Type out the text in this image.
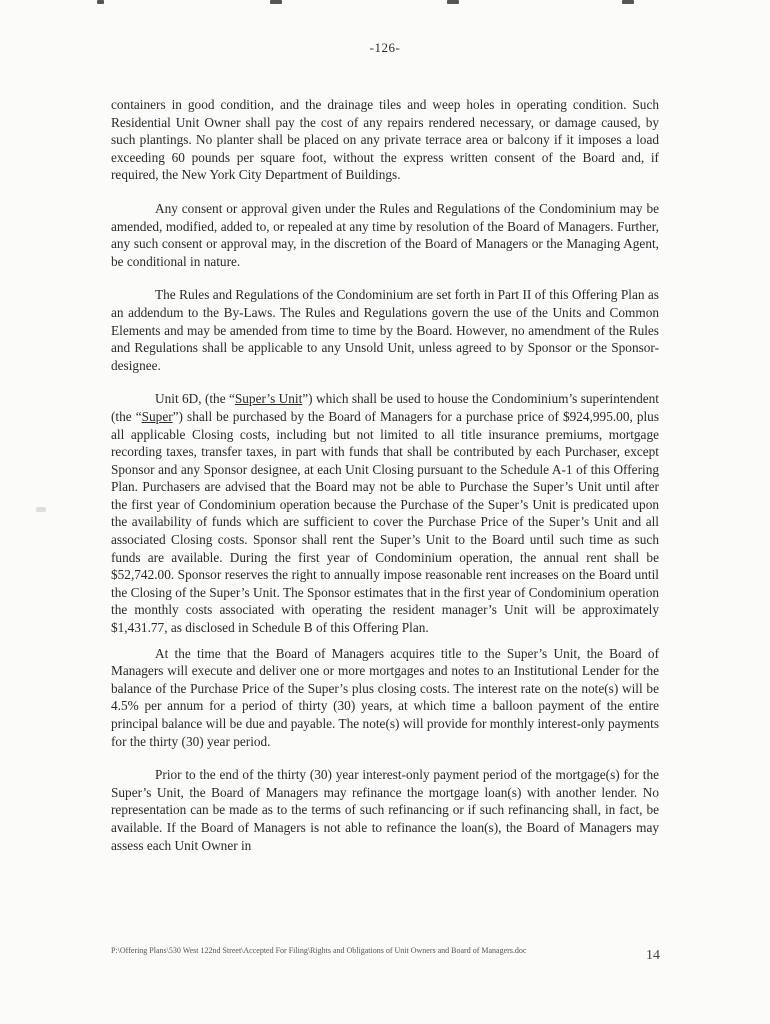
-126-

containers in good condition, and the drainage tiles and weep holes in operating condition. Such Residential Unit Owner shall pay the cost of any repairs rendered necessary, or damage caused, by such plantings. No planter shall be placed on any private terrace area or balcony if it imposes a load exceeding 60 pounds per square foot, without the express written consent of the Board and, if required, the New York City Department of Buildings.

Any consent or approval given under the Rules and Regulations of the Condominium may be amended, modified, added to, or repealed at any time by resolution of the Board of Managers. Further, any such consent or approval may, in the discretion of the Board of Managers or the Managing Agent, be conditional in nature.

The Rules and Regulations of the Condominium are set forth in Part II of this Offering Plan as an addendum to the By-Laws. The Rules and Regulations govern the use of the Units and Common Elements and may be amended from time to time by the Board. However, no amendment of the Rules and Regulations shall be applicable to any Unsold Unit, unless agreed to by Sponsor or the Sponsor-designee.

Unit 6D, (the “Super’s Unit”) which shall be used to house the Condominium’s superintendent (the “Super”) shall be purchased by the Board of Managers for a purchase price of $924,995.00, plus all applicable Closing costs, including but not limited to all title insurance premiums, mortgage recording taxes, transfer taxes, in part with funds that shall be contributed by each Purchaser, except Sponsor and any Sponsor designee, at each Unit Closing pursuant to the Schedule A-1 of this Offering Plan. Purchasers are advised that the Board may not be able to Purchase the Super’s Unit until after the first year of Condominium operation because the Purchase of the Super’s Unit is predicated upon the availability of funds which are sufficient to cover the Purchase Price of the Super’s Unit and all associated Closing costs. Sponsor shall rent the Super’s Unit to the Board until such time as such funds are available. During the first year of Condominium operation, the annual rent shall be $52,742.00. Sponsor reserves the right to annually impose reasonable rent increases on the Board until the Closing of the Super’s Unit. The Sponsor estimates that in the first year of Condominium operation the monthly costs associated with operating the resident manager’s Unit will be approximately $1,431.77, as disclosed in Schedule B of this Offering Plan.

At the time that the Board of Managers acquires title to the Super’s Unit, the Board of Managers will execute and deliver one or more mortgages and notes to an Institutional Lender for the balance of the Purchase Price of the Super’s plus closing costs. The interest rate on the note(s) will be 4.5% per annum for a period of thirty (30) years, at which time a balloon payment of the entire principal balance will be due and payable. The note(s) will provide for monthly interest-only payments for the thirty (30) year period.

Prior to the end of the thirty (30) year interest-only payment period of the mortgage(s) for the Super’s Unit, the Board of Managers may refinance the mortgage loan(s) with another lender. No representation can be made as to the terms of such refinancing or if such refinancing shall, in fact, be available. If the Board of Managers is not able to refinance the loan(s), the Board of Managers may assess each Unit Owner in

P:\Offering Plans\530 West 122nd Street\Accepted For Filing\Rights and Obligations of Unit Owners and Board of Managers.doc	14
